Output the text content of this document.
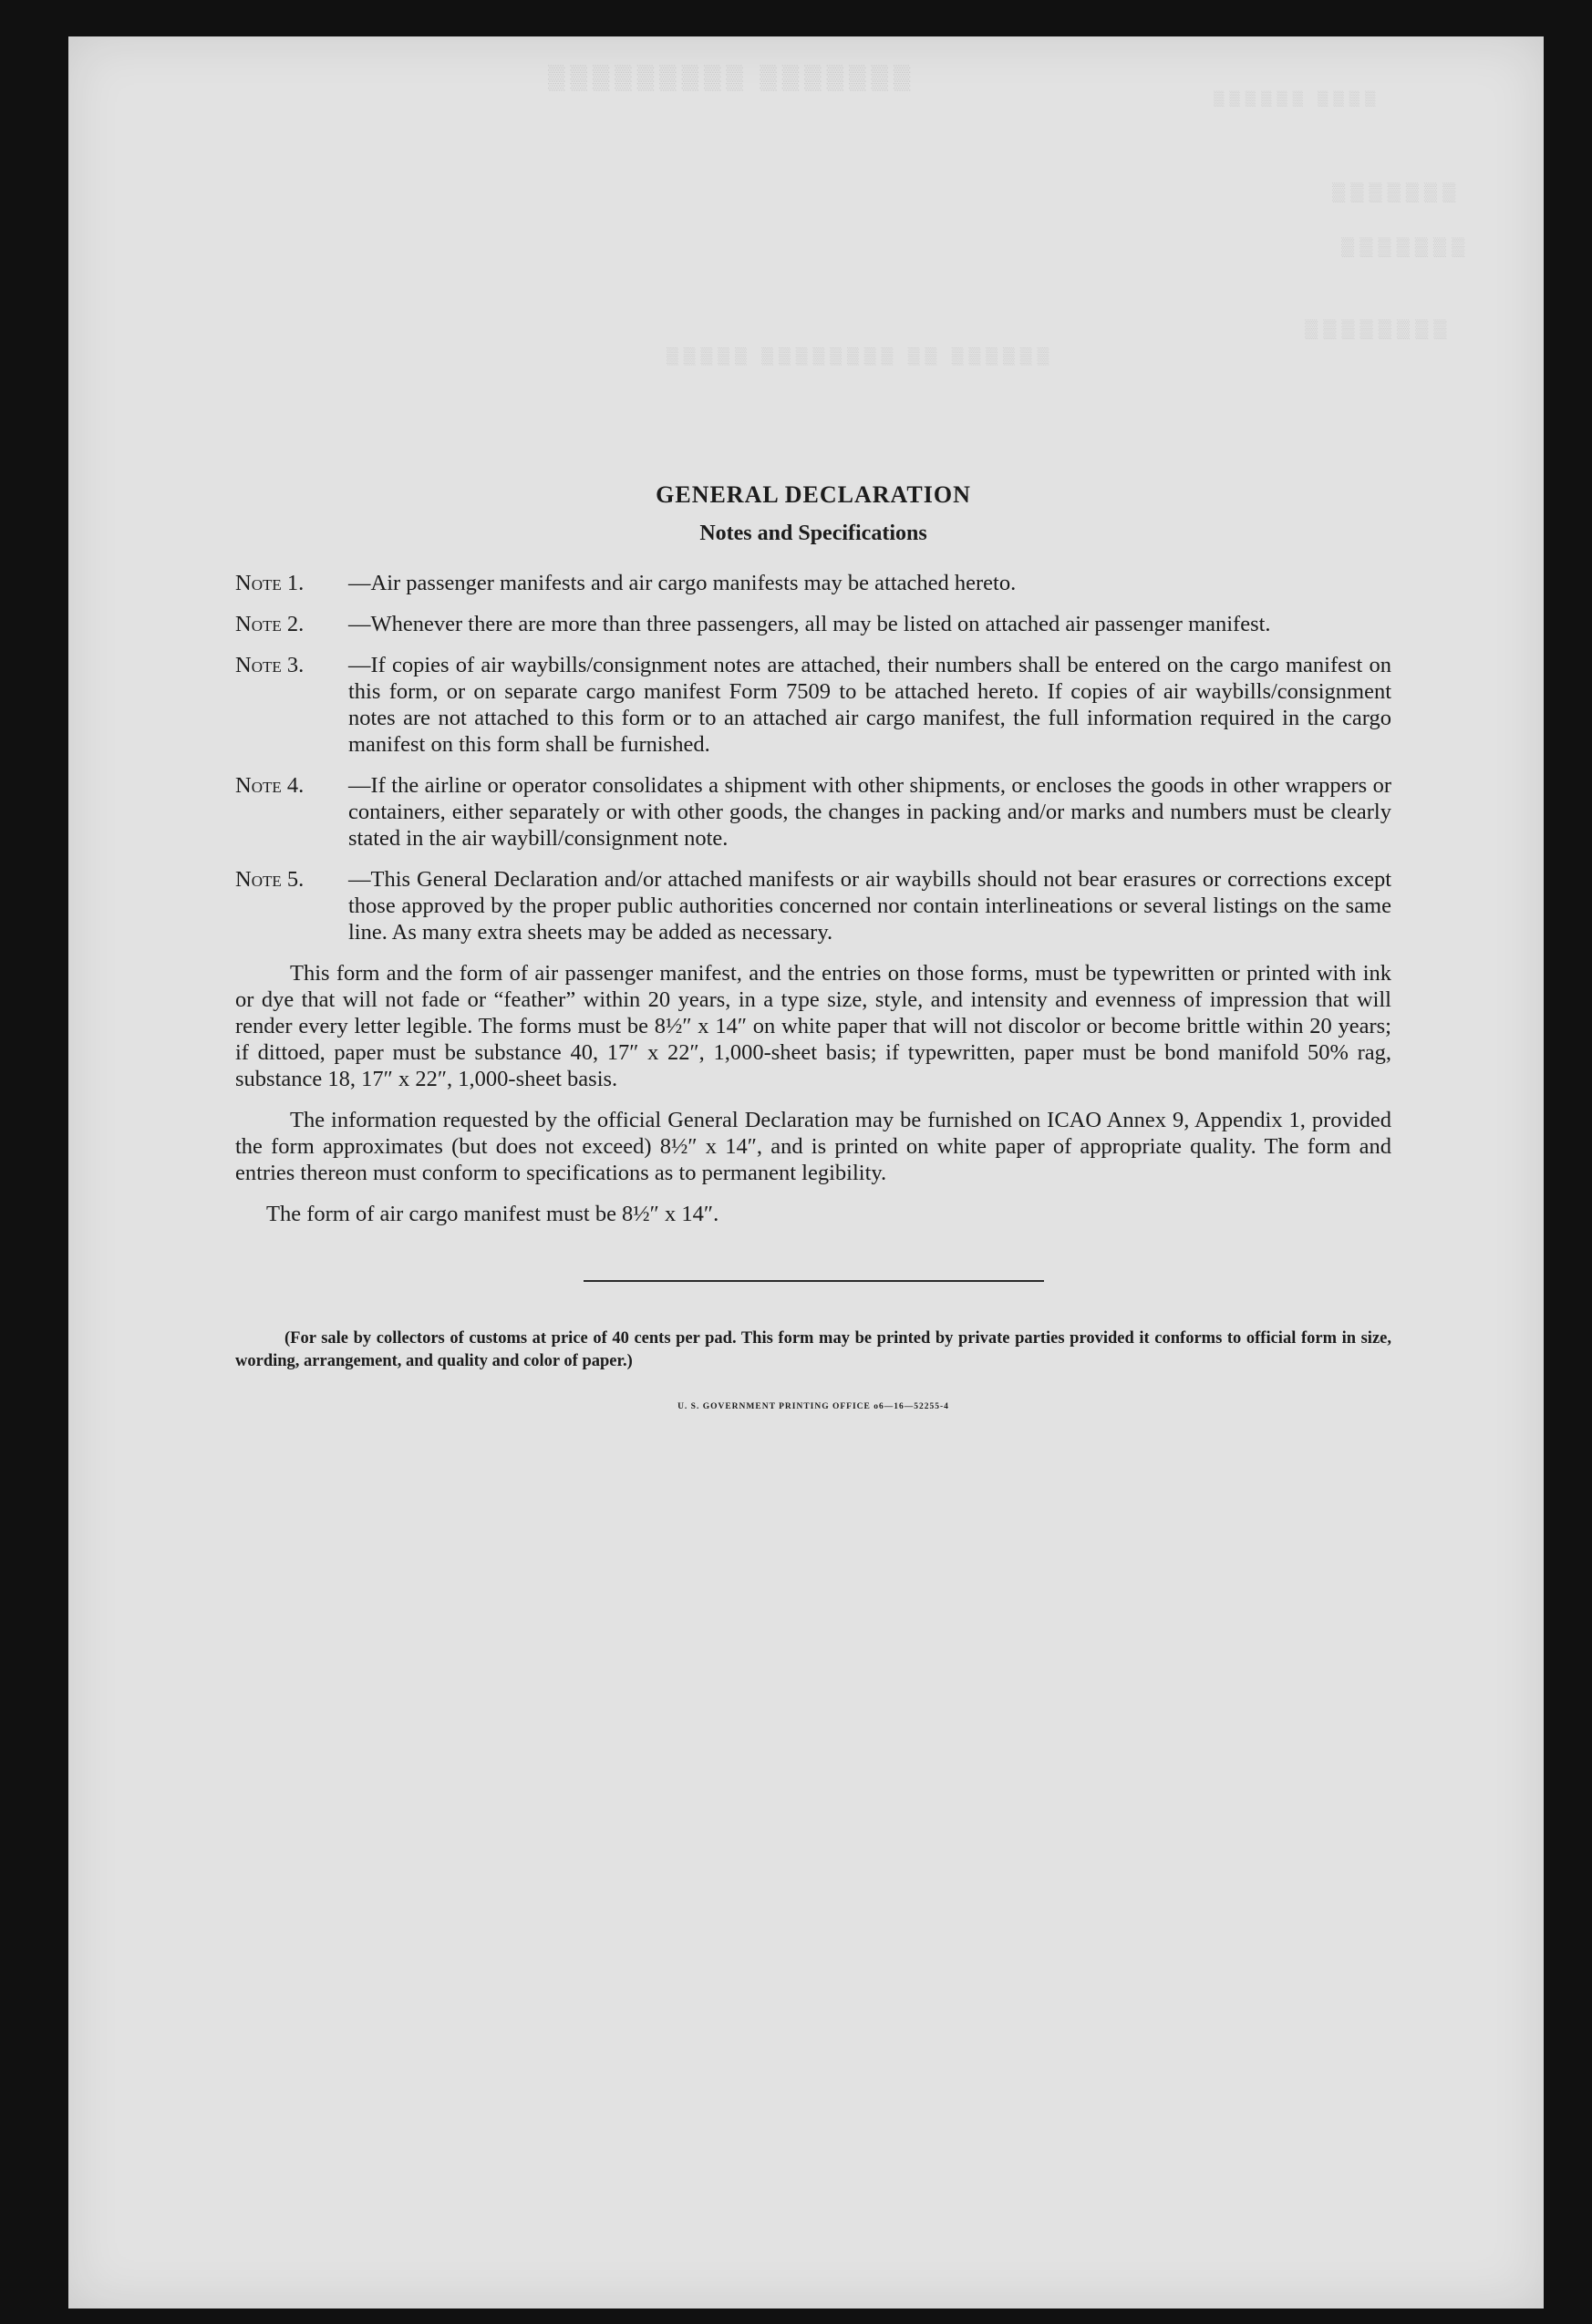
▒▒▒▒▒▒▒ ▒▒▒▒▒▒▒▒▒
▒▒▒▒ ▒▒▒▒▒▒
▒▒▒▒▒▒▒
▒▒▒▒▒▒▒
▒▒▒▒▒▒▒▒
▒▒▒▒▒▒ ▒▒ ▒▒▒▒▒▒▒▒ ▒▒▒▒▒
GENERAL DECLARATION
Notes and Specifications
Note 1.	—Air passenger manifests and air cargo manifests may be attached hereto.
Note 2.	—Whenever there are more than three passengers, all may be listed on attached air passenger manifest.
Note 3.	—If copies of air waybills/consignment notes are attached, their numbers shall be entered on the cargo manifest on this form, or on separate cargo manifest Form 7509 to be attached hereto. If copies of air waybills/consignment notes are not attached to this form or to an attached air cargo manifest, the full information required in the cargo manifest on this form shall be furnished.
Note 4.	—If the airline or operator consolidates a shipment with other shipments, or encloses the goods in other wrappers or containers, either separately or with other goods, the changes in packing and/or marks and numbers must be clearly stated in the air waybill/consignment note.
Note 5.	—This General Declaration and/or attached manifests or air waybills should not bear erasures or corrections except those approved by the proper public authorities concerned nor contain interlineations or several listings on the same line. As many extra sheets may be added as necessary.

This form and the form of air passenger manifest, and the entries on those forms, must be typewritten or printed with ink or dye that will not fade or “feather” within 20 years, in a type size, style, and intensity and evenness of impression that will render every letter legible. The forms must be 8½″ x 14″ on white paper that will not discolor or become brittle within 20 years; if dittoed, paper must be substance 40, 17″ x 22″, 1,000-sheet basis; if typewritten, paper must be bond manifold 50% rag, substance 18, 17″ x 22″, 1,000-sheet basis.

The information requested by the official General Declaration may be furnished on ICAO Annex 9, Appendix 1, provided the form approximates (but does not exceed) 8½″ x 14″, and is printed on white paper of appropriate quality. The form and entries thereon must conform to specifications as to permanent legibility.

The form of air cargo manifest must be 8½″ x 14″.

(For sale by collectors of customs at price of 40 cents per pad. This form may be printed by private parties provided it conforms to official form in size, wording, arrangement, and quality and color of paper.)

U. S. GOVERNMENT PRINTING OFFICE o6—16—52255-4
